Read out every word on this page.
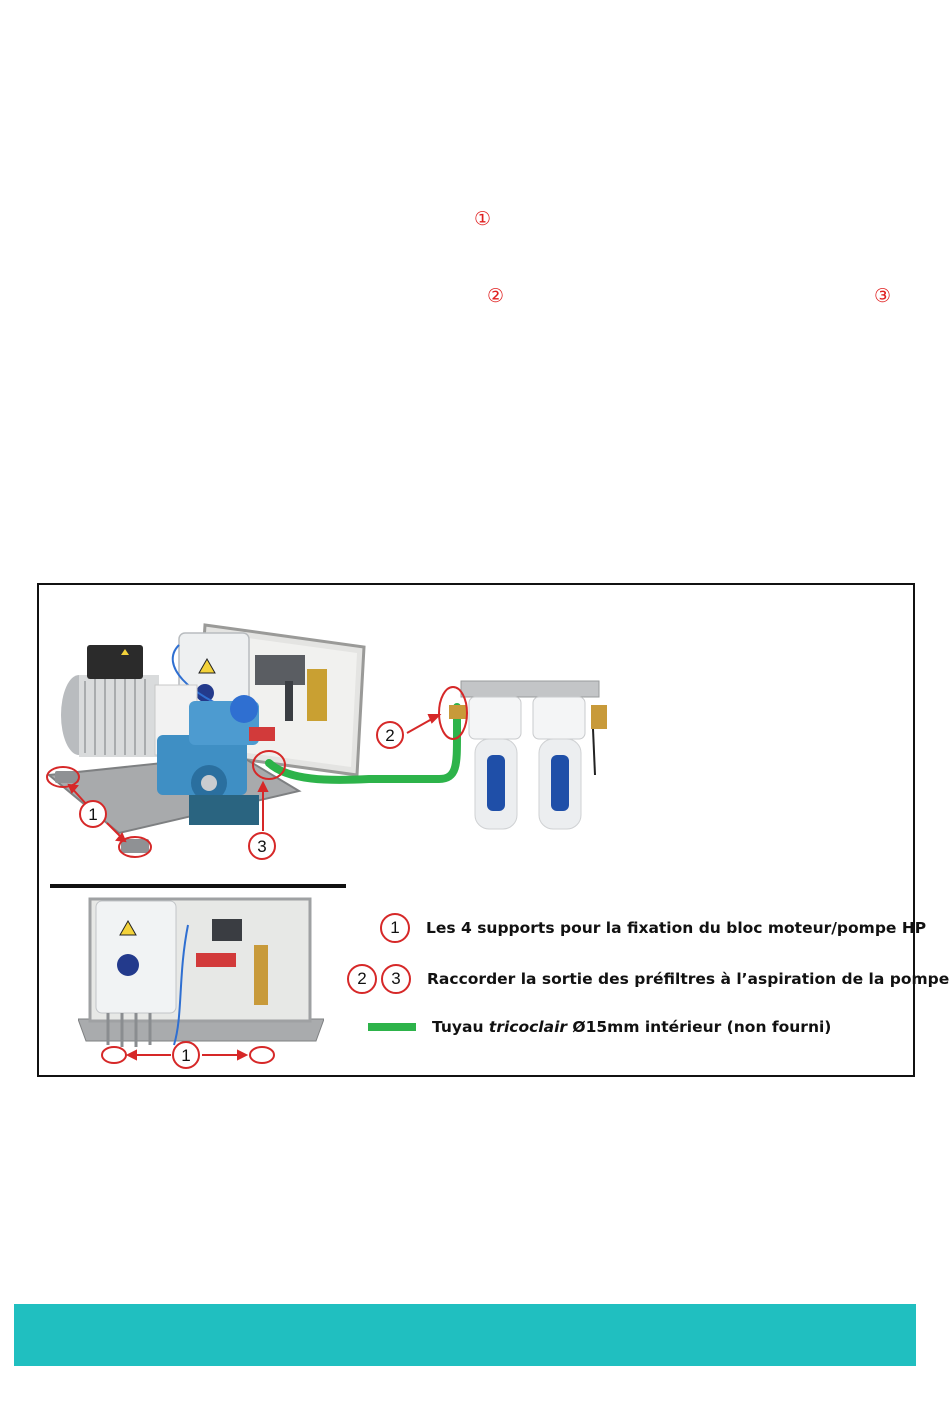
①
②	③
1
2
3
1
1	Les 4 supports pour la fixation du bloc moteur/pompe HP
2	3	Raccorder la sortie des préfiltres à l’aspiration de la pompe
Tuyau tricoclair Ø15mm intérieur (non fourni)
